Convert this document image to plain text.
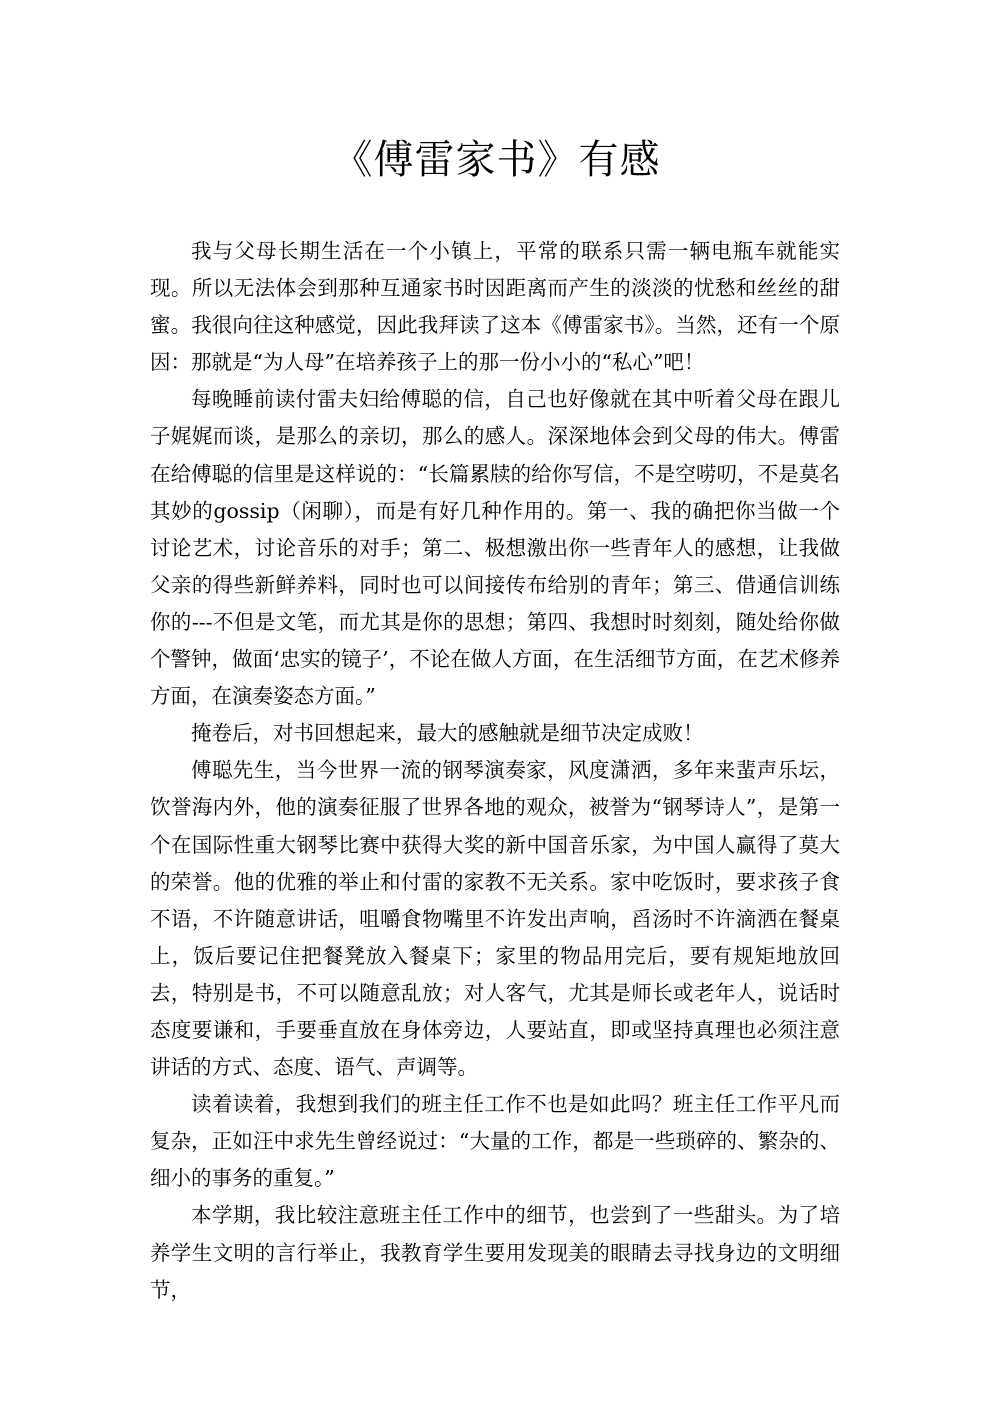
《傅雷家书》有感

我与父母长期生活在一个小镇上，平常的联系只需一辆电瓶车就能实现。所以无法体会到那种互通家书时因距离而产生的淡淡的忧愁和丝丝的甜蜜。我很向往这种感觉，因此我拜读了这本《傅雷家书》。当然，还有一个原因：那就是“为人母”在培养孩子上的那一份小小的“私心”吧！

每晚睡前读付雷夫妇给傅聪的信，自己也好像就在其中听着父母在跟儿子娓娓而谈，是那么的亲切，那么的感人。深深地体会到父母的伟大。傅雷在给傅聪的信里是这样说的：“长篇累牍的给你写信，不是空唠叨，不是莫名其妙的gossip（闲聊），而是有好几种作用的。第一、我的确把你当做一个讨论艺术，讨论音乐的对手；第二、极想激出你一些青年人的感想，让我做父亲的得些新鲜养料，同时也可以间接传布给别的青年；第三、借通信训练你的---不但是文笔，而尤其是你的思想；第四、我想时时刻刻，随处给你做个警钟，做面‘忠实的镜子’，不论在做人方面，在生活细节方面，在艺术修养方面，在演奏姿态方面。”

掩卷后，对书回想起来，最大的感触就是细节决定成败！

傅聪先生，当今世界一流的钢琴演奏家，风度潇洒，多年来蜚声乐坛，饮誉海内外，他的演奏征服了世界各地的观众，被誉为“钢琴诗人”，是第一个在国际性重大钢琴比赛中获得大奖的新中国音乐家，为中国人赢得了莫大的荣誉。他的优雅的举止和付雷的家教不无关系。家中吃饭时，要求孩子食不语，不许随意讲话，咀嚼食物嘴里不许发出声响，舀汤时不许滴洒在餐桌上，饭后要记住把餐凳放入餐桌下；家里的物品用完后，要有规矩地放回去，特别是书，不可以随意乱放；对人客气，尤其是师长或老年人，说话时态度要谦和，手要垂直放在身体旁边，人要站直，即或坚持真理也必须注意讲话的方式、态度、语气、声调等。

读着读着，我想到我们的班主任工作不也是如此吗？班主任工作平凡而复杂，正如汪中求先生曾经说过：“大量的工作，都是一些琐碎的、繁杂的、细小的事务的重复。”

本学期，我比较注意班主任工作中的细节，也尝到了一些甜头。为了培养学生文明的言行举止，我教育学生要用发现美的眼睛去寻找身边的文明细节，
